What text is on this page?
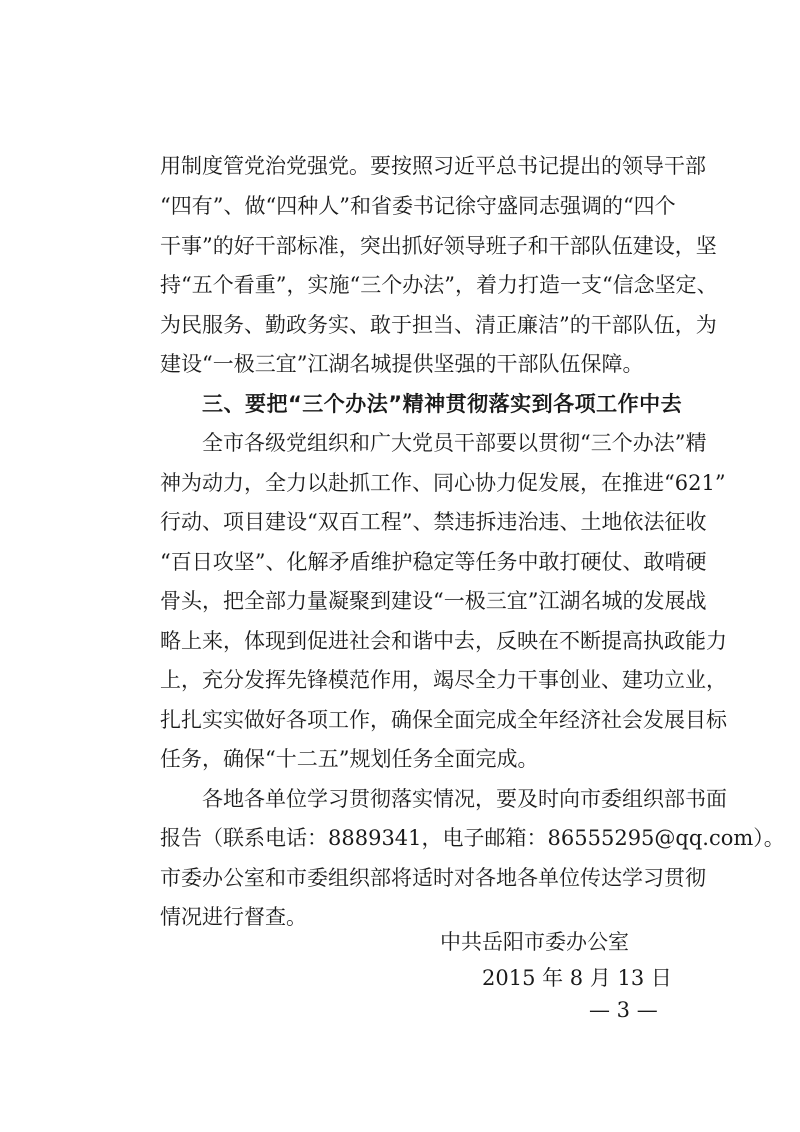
用制度管党治党强党。要按照习近平总书记提出的领导干部
“四有”、做“四种人”和省委书记徐守盛同志强调的“四个
干事”的好干部标准，突出抓好领导班子和干部队伍建设，坚
持“五个看重”，实施“三个办法”，着力打造一支“信念坚定、
为民服务、勤政务实、敢于担当、清正廉洁”的干部队伍，为
建设“一极三宜”江湖名城提供坚强的干部队伍保障。
三、要把“三个办法”精神贯彻落实到各项工作中去
全市各级党组织和广大党员干部要以贯彻“三个办法”精
神为动力，全力以赴抓工作、同心协力促发展，在推进“621”
行动、项目建设“双百工程”、禁违拆违治违、土地依法征收
“百日攻坚”、化解矛盾维护稳定等任务中敢打硬仗、敢啃硬
骨头，把全部力量凝聚到建设“一极三宜”江湖名城的发展战
略上来，体现到促进社会和谐中去，反映在不断提高执政能力
上，充分发挥先锋模范作用，竭尽全力干事创业、建功立业，
扎扎实实做好各项工作，确保全面完成全年经济社会发展目标
任务，确保“十二五”规划任务全面完成。
各地各单位学习贯彻落实情况，要及时向市委组织部书面
报告（联系电话：8889341，电子邮箱：86555295@qq.com）。
市委办公室和市委组织部将适时对各地各单位传达学习贯彻
情况进行督查。
中共岳阳市委办公室
2015 年 8 月 13 日
— 3 —
